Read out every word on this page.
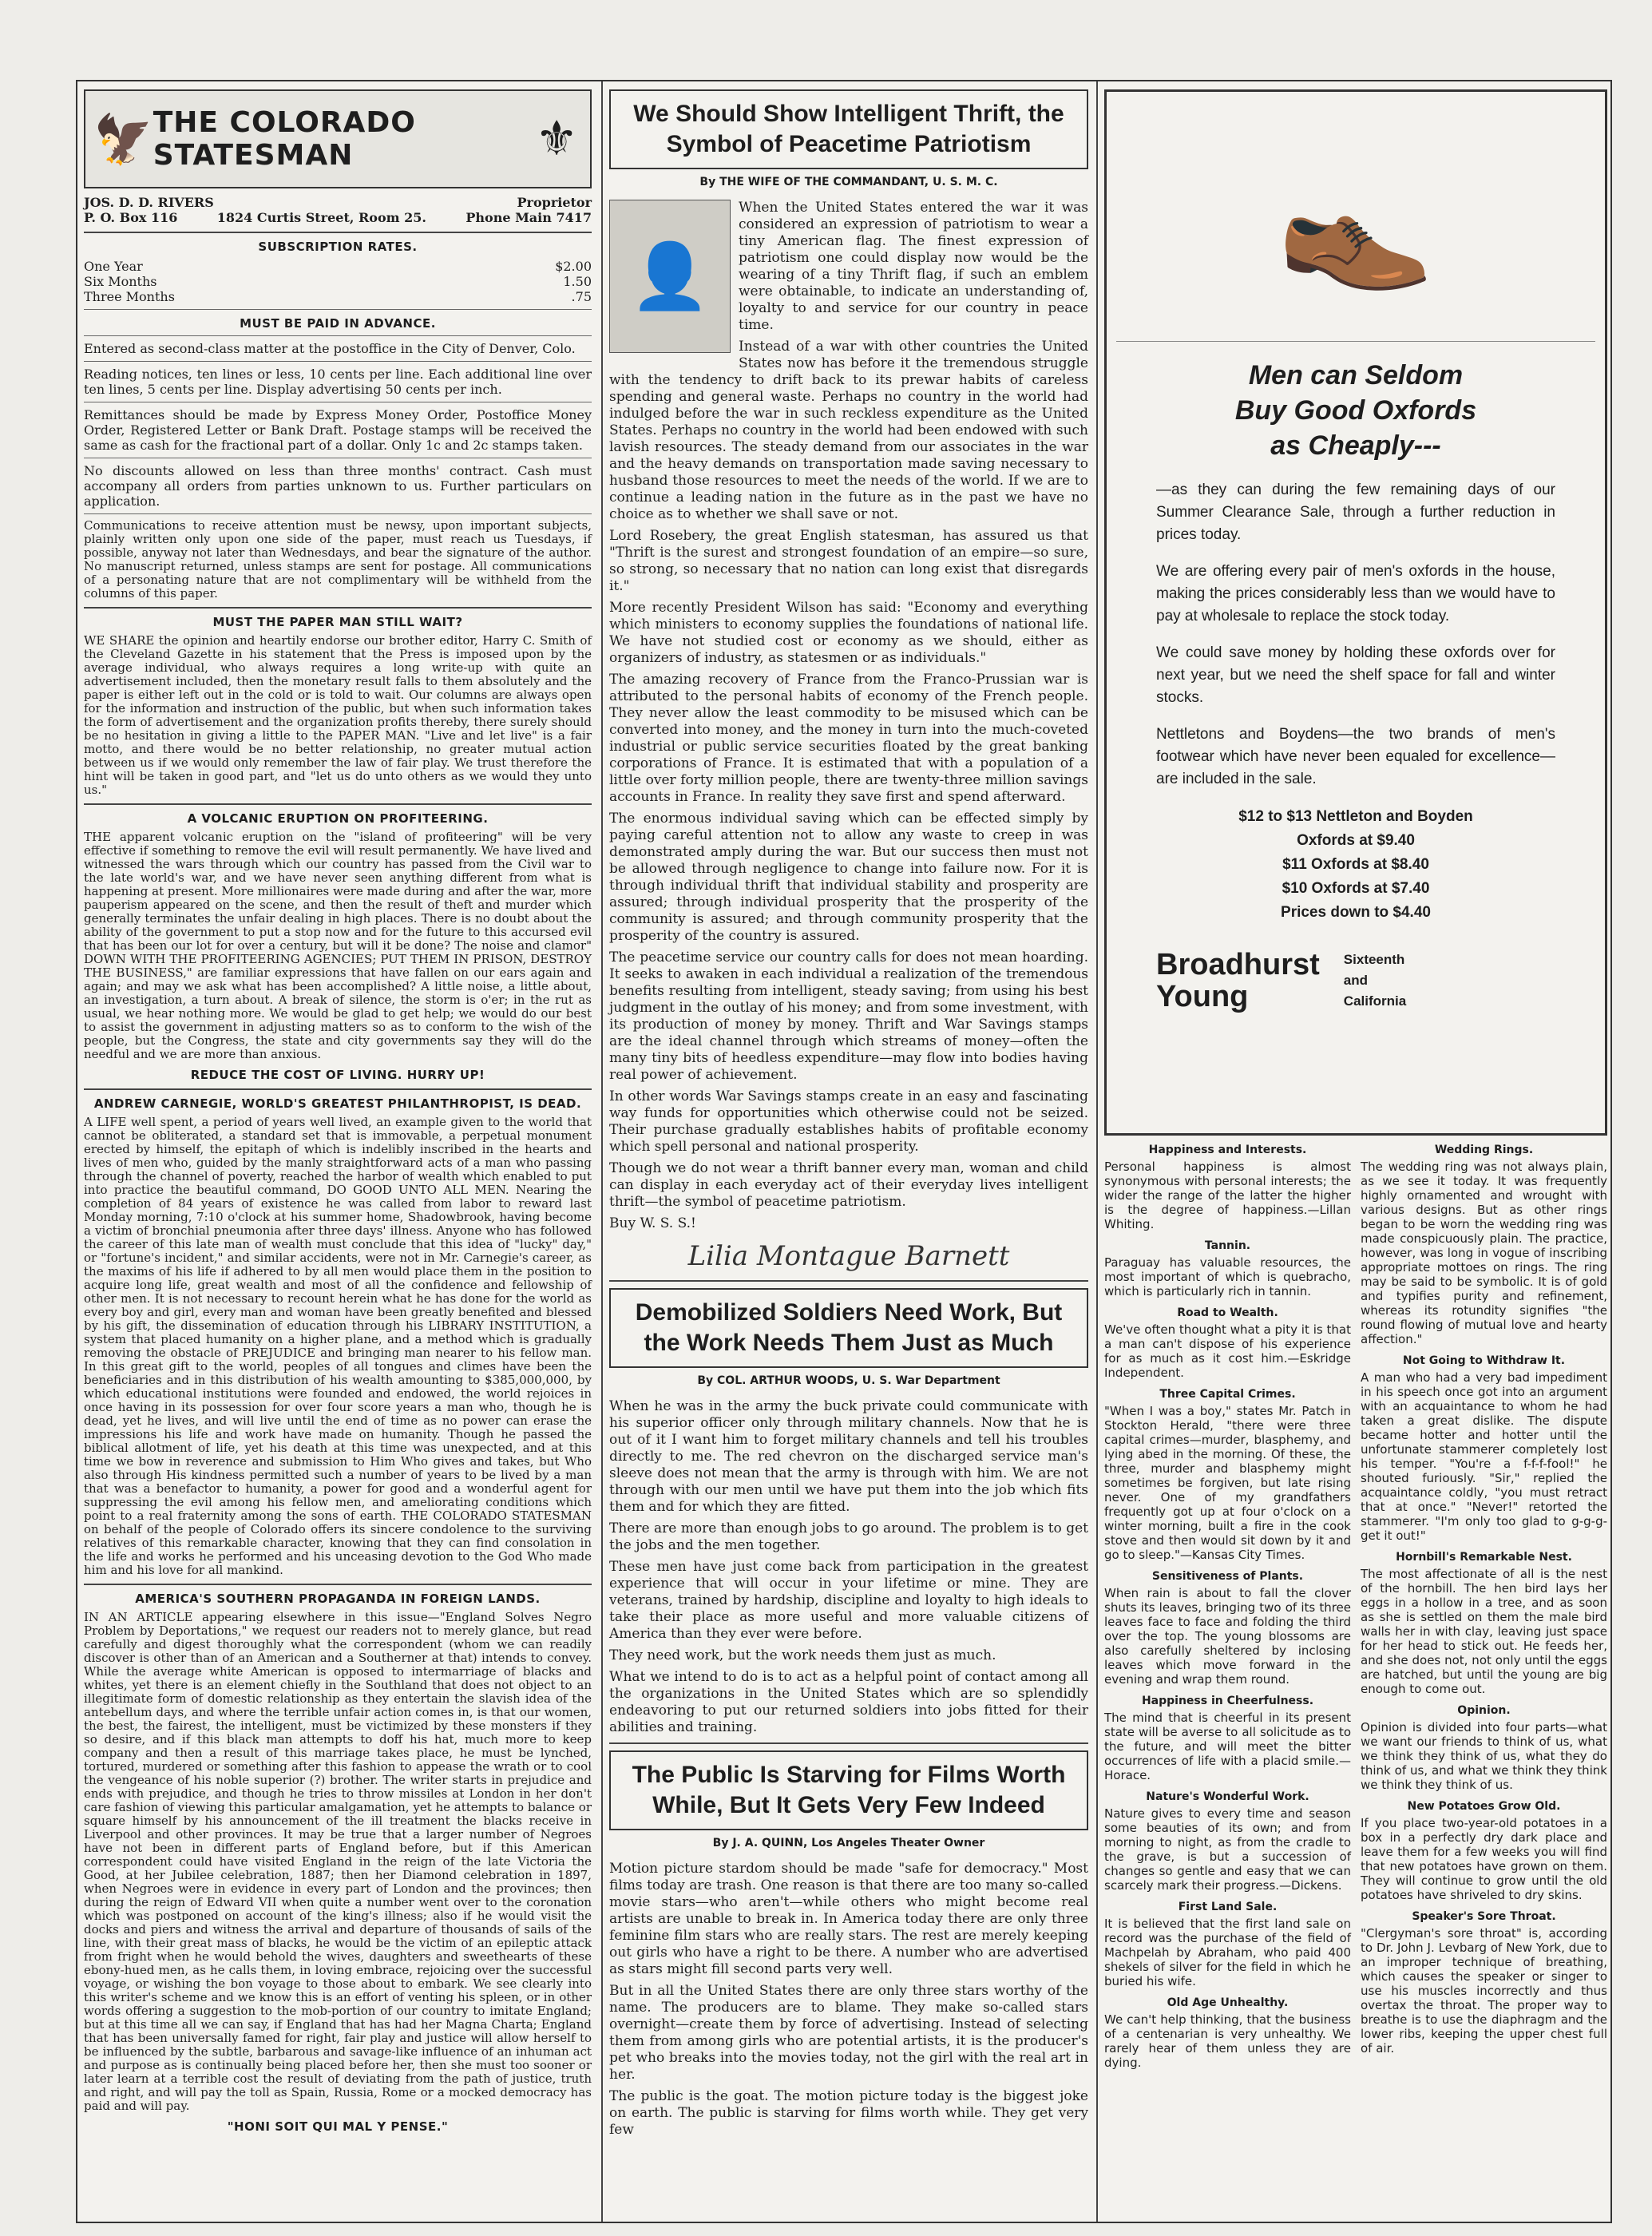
🦅 THE COLORADO STATESMAN	⚜
JOS. D. D. RIVERS	Proprietor
P. O. Box 116	1824 Curtis Street, Room 25.	Phone Main 7417
SUBSCRIPTION RATES.
One Year	$2.00
Six Months	1.50
Three Months	.75
MUST BE PAID IN ADVANCE.

Entered as second-class matter at the postoffice in the City of Denver, Colo.

Reading notices, ten lines or less, 10 cents per line. Each additional line over ten lines, 5 cents per line. Display advertising 50 cents per inch.

Remittances should be made by Express Money Order, Postoffice Money Order, Registered Letter or Bank Draft. Postage stamps will be received the same as cash for the fractional part of a dollar. Only 1c and 2c stamps taken.

No discounts allowed on less than three months' contract. Cash must accompany all orders from parties unknown to us. Further particulars on application.

Communications to receive attention must be newsy, upon important subjects, plainly written only upon one side of the paper, must reach us Tuesdays, if possible, anyway not later than Wednesdays, and bear the signature of the author. No manuscript returned, unless stamps are sent for postage. All communications of a personating nature that are not complimentary will be withheld from the columns of this paper.

MUST THE PAPER MAN STILL WAIT?

WE SHARE the opinion and heartily endorse our brother editor, Harry C. Smith of the Cleveland Gazette in his statement that the Press is imposed upon by the average individual, who always requires a long write-up with quite an advertisement included, then the monetary result falls to them absolutely and the paper is either left out in the cold or is told to wait. Our columns are always open for the information and instruction of the public, but when such information takes the form of advertisement and the organization profits thereby, there surely should be no hesitation in giving a little to the PAPER MAN. "Live and let live" is a fair motto, and there would be no better relationship, no greater mutual action between us if we would only remember the law of fair play. We trust therefore the hint will be taken in good part, and "let us do unto others as we would they unto us."

A VOLCANIC ERUPTION ON PROFITEERING.

THE apparent volcanic eruption on the "island of profiteering" will be very effective if something to remove the evil will result permanently. We have lived and witnessed the wars through which our country has passed from the Civil war to the late world's war, and we have never seen anything different from what is happening at present. More millionaires were made during and after the war, more pauperism appeared on the scene, and then the result of theft and murder which generally terminates the unfair dealing in high places. There is no doubt about the ability of the government to put a stop now and for the future to this accursed evil that has been our lot for over a century, but will it be done? The noise and clamor" DOWN WITH THE PROFITEERING AGENCIES; PUT THEM IN PRISON, DESTROY THE BUSINESS," are familiar expressions that have fallen on our ears again and again; and may we ask what has been accomplished? A little noise, a little about, an investigation, a turn about. A break of silence, the storm is o'er; in the rut as usual, we hear nothing more. We would be glad to get help; we would do our best to assist the government in adjusting matters so as to conform to the wish of the people, but the Congress, the state and city governments say they will do the needful and we are more than anxious.

REDUCE THE COST OF LIVING. HURRY UP!
ANDREW CARNEGIE, WORLD'S GREATEST PHILANTHROPIST, IS DEAD.

A LIFE well spent, a period of years well lived, an example given to the world that cannot be obliterated, a standard set that is immovable, a perpetual monument erected by himself, the epitaph of which is indelibly inscribed in the hearts and lives of men who, guided by the manly straightforward acts of a man who passing through the channel of poverty, reached the harbor of wealth which enabled to put into practice the beautiful command, DO GOOD UNTO ALL MEN. Nearing the completion of 84 years of existence he was called from labor to reward last Monday morning, 7:10 o'clock at his summer home, Shadowbrook, having become a victim of bronchial pneumonia after three days' illness. Anyone who has followed the career of this late man of wealth must conclude that this idea of "lucky" day," or "fortune's incident," and similar accidents, were not in Mr. Carnegie's career, as the maxims of his life if adhered to by all men would place them in the position to acquire long life, great wealth and most of all the confidence and fellowship of other men. It is not necessary to recount herein what he has done for the world as every boy and girl, every man and woman have been greatly benefited and blessed by his gift, the dissemination of education through his LIBRARY INSTITUTION, a system that placed humanity on a higher plane, and a method which is gradually removing the obstacle of PREJUDICE and bringing man nearer to his fellow man. In this great gift to the world, peoples of all tongues and climes have been the beneficiaries and in this distribution of his wealth amounting to $385,000,000, by which educational institutions were founded and endowed, the world rejoices in once having in its possession for over four score years a man who, though he is dead, yet he lives, and will live until the end of time as no power can erase the impressions his life and work have made on humanity. Though he passed the biblical allotment of life, yet his death at this time was unexpected, and at this time we bow in reverence and submission to Him Who gives and takes, but Who also through His kindness permitted such a number of years to be lived by a man that was a benefactor to humanity, a power for good and a wonderful agent for suppressing the evil among his fellow men, and ameliorating conditions which point to a real fraternity among the sons of earth. THE COLORADO STATESMAN on behalf of the people of Colorado offers its sincere condolence to the surviving relatives of this remarkable character, knowing that they can find consolation in the life and works he performed and his unceasing devotion to the God Who made him and his love for all mankind.

AMERICA'S SOUTHERN PROPAGANDA IN FOREIGN LANDS.

IN AN ARTICLE appearing elsewhere in this issue—"England Solves Negro Problem by Deportations," we request our readers not to merely glance, but read carefully and digest thoroughly what the correspondent (whom we can readily discover is other than of an American and a Southerner at that) intends to convey. While the average white American is opposed to intermarriage of blacks and whites, yet there is an element chiefly in the Southland that does not object to an illegitimate form of domestic relationship as they entertain the slavish idea of the antebellum days, and where the terrible unfair action comes in, is that our women, the best, the fairest, the intelligent, must be victimized by these monsters if they so desire, and if this black man attempts to doff his hat, much more to keep company and then a result of this marriage takes place, he must be lynched, tortured, murdered or something after this fashion to appease the wrath or to cool the vengeance of his noble superior (?) brother. The writer starts in prejudice and ends with prejudice, and though he tries to throw missiles at London in her don't care fashion of viewing this particular amalgamation, yet he attempts to balance or square himself by his announcement of the ill treatment the blacks receive in Liverpool and other provinces. It may be true that a larger number of Negroes have not been in different parts of England before, but if this American correspondent could have visited England in the reign of the late Victoria the Good, at her Jubilee celebration, 1887; then her Diamond celebration in 1897, when Negroes were in evidence in every part of London and the provinces; then during the reign of Edward VII when quite a number went over to the coronation which was postponed on account of the king's illness; also if he would visit the docks and piers and witness the arrival and departure of thousands of sails of the line, with their great mass of blacks, he would be the victim of an epileptic attack from fright when he would behold the wives, daughters and sweethearts of these ebony-hued men, as he calls them, in loving embrace, rejoicing over the successful voyage, or wishing the bon voyage to those about to embark. We see clearly into this writer's scheme and we know this is an effort of venting his spleen, or in other words offering a suggestion to the mob-portion of our country to imitate England; but at this time all we can say, if England that has had her Magna Charta; England that has been universally famed for right, fair play and justice will allow herself to be influenced by the subtle, barbarous and savage-like influence of an inhuman act and purpose as is continually being placed before her, then she must too sooner or later learn at a terrible cost the result of deviating from the path of justice, truth and right, and will pay the toll as Spain, Russia, Rome or a mocked democracy has paid and will pay.

"HONI SOIT QUI MAL Y PENSE."
We Should Show Intelligent Thrift, the Symbol of Peacetime Patriotism
By THE WIFE OF THE COMMANDANT, U. S. M. C.
👤

When the United States entered the war it was considered an expression of patriotism to wear a tiny American flag. The finest expression of patriotism one could display now would be the wearing of a tiny Thrift flag, if such an emblem were obtainable, to indicate an understanding of, loyalty to and service for our country in peace time.

Instead of a war with other countries the United States now has before it the tremendous struggle with the tendency to drift back to its prewar habits of careless spending and general waste. Perhaps no country in the world had indulged before the war in such reckless expenditure as the United States. Perhaps no country in the world had been endowed with such lavish resources. The steady demand from our associates in the war and the heavy demands on transportation made saving necessary to husband those resources to meet the needs of the world. If we are to continue a leading nation in the future as in the past we have no choice as to whether we shall save or not.

Lord Rosebery, the great English statesman, has assured us that "Thrift is the surest and strongest foundation of an empire—so sure, so strong, so necessary that no nation can long exist that disregards it."

More recently President Wilson has said: "Economy and everything which ministers to economy supplies the foundations of national life. We have not studied cost or economy as we should, either as organizers of industry, as statesmen or as individuals."

The amazing recovery of France from the Franco-Prussian war is attributed to the personal habits of economy of the French people. They never allow the least commodity to be misused which can be converted into money, and the money in turn into the much-coveted industrial or public service securities floated by the great banking corporations of France. It is estimated that with a population of a little over forty million people, there are twenty-three million savings accounts in France. In reality they save first and spend afterward.

The enormous individual saving which can be effected simply by paying careful attention not to allow any waste to creep in was demonstrated amply during the war. But our success then must not be allowed through negligence to change into failure now. For it is through individual thrift that individual stability and prosperity are assured; through individual prosperity that the prosperity of the community is assured; and through community prosperity that the prosperity of the country is assured.

The peacetime service our country calls for does not mean hoarding. It seeks to awaken in each individual a realization of the tremendous benefits resulting from intelligent, steady saving; from using his best judgment in the outlay of his money; and from some investment, with its production of money by money. Thrift and War Savings stamps are the ideal channel through which streams of money—often the many tiny bits of heedless expenditure—may flow into bodies having real power of achievement.

In other words War Savings stamps create in an easy and fascinating way funds for opportunities which otherwise could not be seized. Their purchase gradually establishes habits of profitable economy which spell personal and national prosperity.

Though we do not wear a thrift banner every man, woman and child can display in each everyday act of their everyday lives intelligent thrift—the symbol of peacetime patriotism.

Buy W. S. S.!

Lilia Montague Barnett
Demobilized Soldiers Need Work, But the Work Needs Them Just as Much
By COL. ARTHUR WOODS, U. S. War Department

When he was in the army the buck private could communicate with his superior officer only through military channels. Now that he is out of it I want him to forget military channels and tell his troubles directly to me. The red chevron on the discharged service man's sleeve does not mean that the army is through with him. We are not through with our men until we have put them into the job which fits them and for which they are fitted.

There are more than enough jobs to go around. The problem is to get the jobs and the men together.

These men have just come back from participation in the greatest experience that will occur in your lifetime or mine. They are veterans, trained by hardship, discipline and loyalty to high ideals to take their place as more useful and more valuable citizens of America than they ever were before.

They need work, but the work needs them just as much.

What we intend to do is to act as a helpful point of contact among all the organizations in the United States which are so splendidly endeavoring to put our returned soldiers into jobs fitted for their abilities and training.

The Public Is Starving for Films Worth While, But It Gets Very Few Indeed
By J. A. QUINN, Los Angeles Theater Owner

Motion picture stardom should be made "safe for democracy." Most films today are trash. One reason is that there are too many so-called movie stars—who aren't—while others who might become real artists are unable to break in. In America today there are only three feminine film stars who are really stars. The rest are merely keeping out girls who have a right to be there. A number who are advertised as stars might fill second parts very well.

But in all the United States there are only three stars worthy of the name. The producers are to blame. They make so-called stars overnight—create them by force of advertising. Instead of selecting them from among girls who are potential artists, it is the producer's pet who breaks into the movies today, not the girl with the real art in her.

The public is the goat. The motion picture today is the biggest joke on earth. The public is starving for films worth while. They get very few

👞
Men can Seldom
Buy Good Oxfords
as Cheaply---

—as they can during the few remaining days of our Summer Clearance Sale, through a further reduction in prices today.

We are offering every pair of men's oxfords in the house, making the prices considerably less than we would have to pay at wholesale to replace the stock today.

We could save money by holding these oxfords over for next year, but we need the shelf space for fall and winter stocks.

Nettletons and Boydens—the two brands of men's footwear which have never been equaled for excellence—are included in the sale.

$12 to $13 Nettleton and Boyden
Oxfords at $9.40
$11 Oxfords at $8.40
$10 Oxfords at $7.40
Prices down to $4.40
Broadhurst
Young
Sixteenth
and
California
Happiness and Interests.
Personal happiness is almost synonymous with personal interests; the wider the range of the latter the higher is the degree of happiness.—Lillan Whiting.
Tannin.
Paraguay has valuable resources, the most important of which is quebracho, which is particularly rich in tannin.
Road to Wealth.
We've often thought what a pity it is that a man can't dispose of his experience for as much as it cost him.—Eskridge Independent.
Three Capital Crimes.
"When I was a boy," states Mr. Patch in Stockton Herald, "there were three capital crimes—murder, blasphemy, and lying abed in the morning. Of these, the three, murder and blasphemy might sometimes be forgiven, but late rising never. One of my grandfathers frequently got up at four o'clock on a winter morning, built a fire in the cook stove and then would sit down by it and go to sleep."—Kansas City Times.
Sensitiveness of Plants.
When rain is about to fall the clover shuts its leaves, bringing two of its three leaves face to face and folding the third over the top. The young blossoms are also carefully sheltered by inclosing leaves which move forward in the evening and wrap them round.
Happiness in Cheerfulness.
The mind that is cheerful in its present state will be averse to all solicitude as to the future, and will meet the bitter occurrences of life with a placid smile.—Horace.
Nature's Wonderful Work.
Nature gives to every time and season some beauties of its own; and from morning to night, as from the cradle to the grave, is but a succession of changes so gentle and easy that we can scarcely mark their progress.—Dickens.
First Land Sale.
It is believed that the first land sale on record was the purchase of the field of Machpelah by Abraham, who paid 400 shekels of silver for the field in which he buried his wife.
Old Age Unhealthy.
We can't help thinking, that the business of a centenarian is very unhealthy. We rarely hear of them unless they are dying.
Wedding Rings.
The wedding ring was not always plain, as we see it today. It was frequently highly ornamented and wrought with various designs. But as other rings began to be worn the wedding ring was made conspicuously plain. The practice, however, was long in vogue of inscribing appropriate mottoes on rings. The ring may be said to be symbolic. It is of gold and typifies purity and refinement, whereas its rotundity signifies "the round flowing of mutual love and hearty affection."
Not Going to Withdraw It.
A man who had a very bad impediment in his speech once got into an argument with an acquaintance to whom he had taken a great dislike. The dispute became hotter and hotter until the unfortunate stammerer completely lost his temper. "You're a f-f-f-fool!" he shouted furiously. "Sir," replied the acquaintance coldly, "you must retract that at once." "Never!" retorted the stammerer. "I'm only too glad to g-g-g-get it out!"
Hornbill's Remarkable Nest.
The most affectionate of all is the nest of the hornbill. The hen bird lays her eggs in a hollow in a tree, and as soon as she is settled on them the male bird walls her in with clay, leaving just space for her head to stick out. He feeds her, and she does not, not only until the eggs are hatched, but until the young are big enough to come out.
Opinion.
Opinion is divided into four parts—what we want our friends to think of us, what we think they think of us, what they do think of us, and what we think they think we think they think of us.
New Potatoes Grow Old.
If you place two-year-old potatoes in a box in a perfectly dry dark place and leave them for a few weeks you will find that new potatoes have grown on them. They will continue to grow until the old potatoes have shriveled to dry skins.
Speaker's Sore Throat.
"Clergyman's sore throat" is, according to Dr. John J. Levbarg of New York, due to an improper technique of breathing, which causes the speaker or singer to use his muscles incorrectly and thus overtax the throat. The proper way to breathe is to use the diaphragm and the lower ribs, keeping the upper chest full of air.
